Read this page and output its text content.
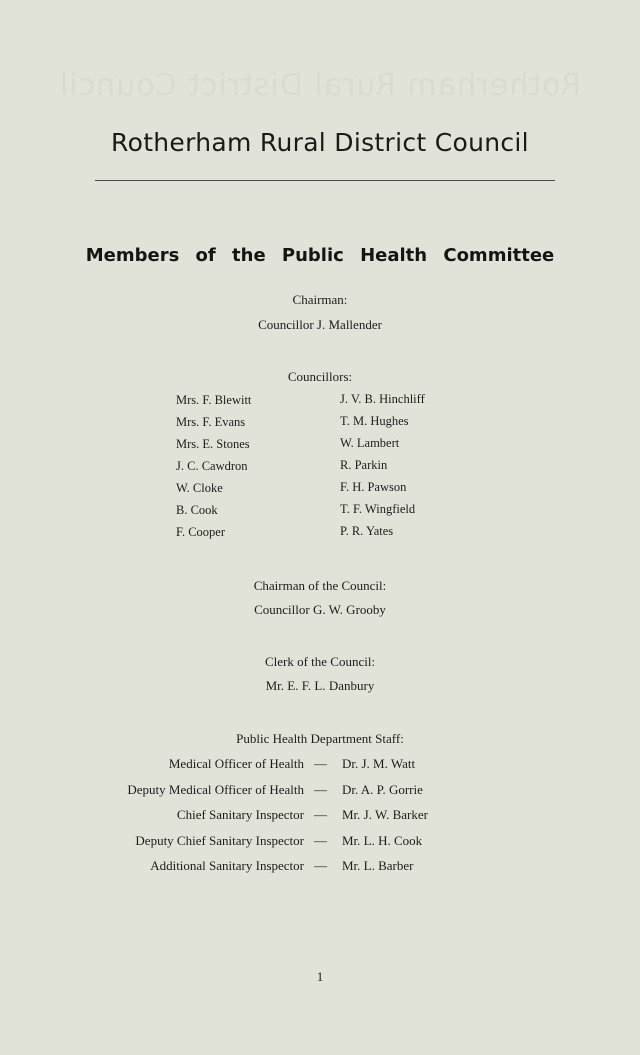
Rotherham Rural District Council
Rotherham Rural District Council
Members of the Public Health Committee
Chairman:
Councillor J. Mallender
Councillors:
Mrs. F. Blewitt
Mrs. F. Evans
Mrs. E. Stones
J. C. Cawdron
W. Cloke
B. Cook
F. Cooper
J. V. B. Hinchliff
T. M. Hughes
W. Lambert
R. Parkin
F. H. Pawson
T. F. Wingfield
P. R. Yates
Chairman of the Council:
Councillor G. W. Grooby
Clerk of the Council:
Mr. E. F. L. Danbury
Public Health Department Staff:
Medical Officer of Health — Dr. J. M. Watt
Deputy Medical Officer of Health — Dr. A. P. Gorrie
Chief Sanitary Inspector — Mr. J. W. Barker
Deputy Chief Sanitary Inspector — Mr. L. H. Cook
Additional Sanitary Inspector — Mr. L. Barber
1
